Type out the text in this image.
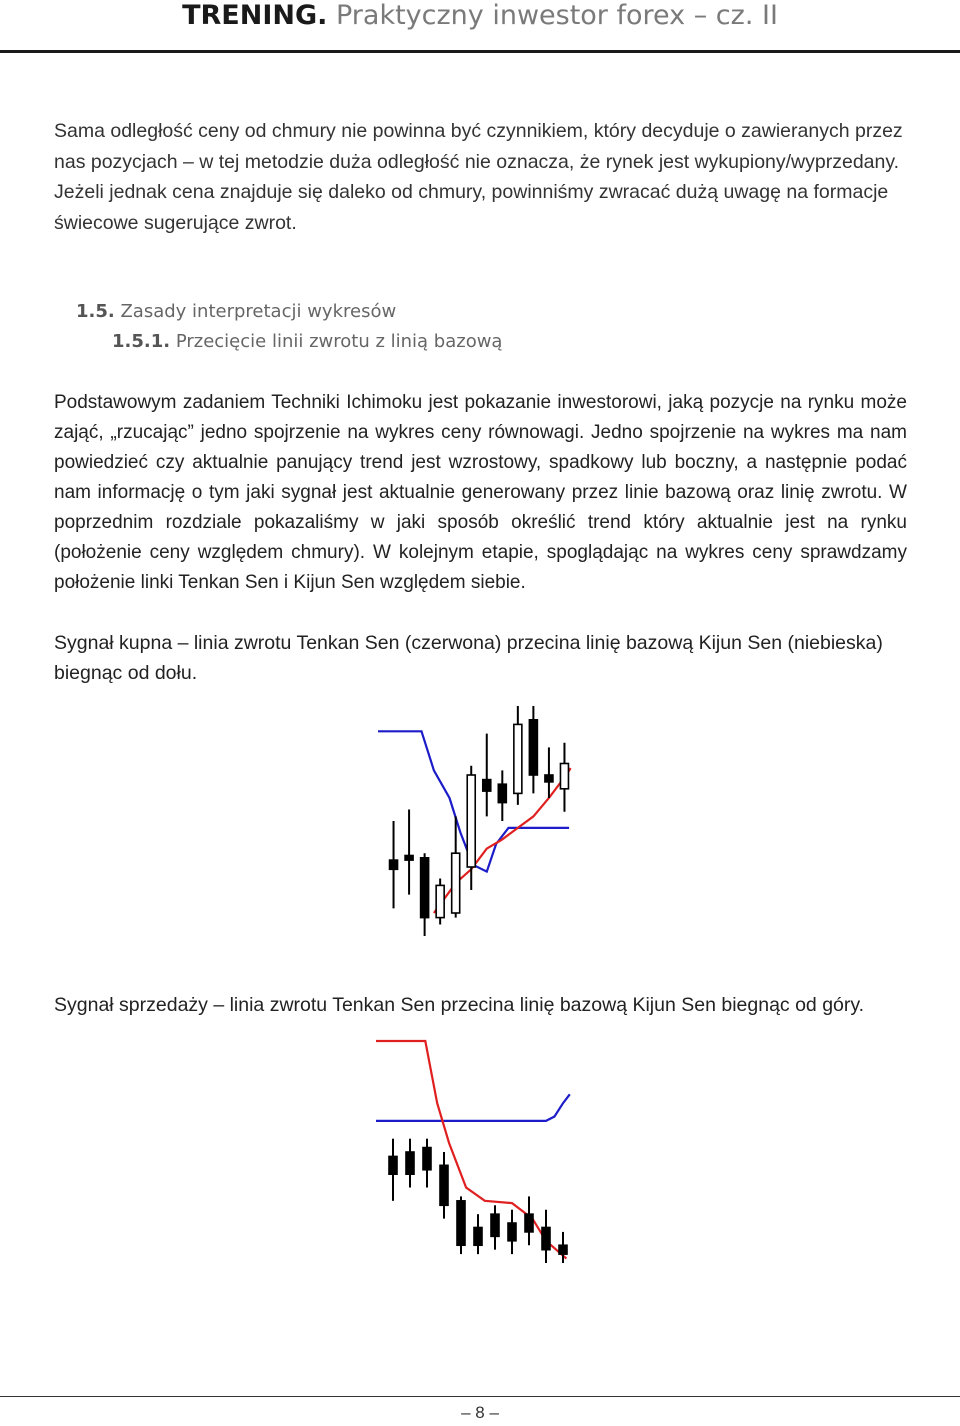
TRENING. Praktyczny inwestor forex – cz. II

Sama odległość ceny od chmury nie powinna być czynnikiem, który decyduje o zawieranych przez nas pozycjach – w tej metodzie duża odległość nie oznacza, że rynek jest wykupiony/wyprzedany. Jeżeli jednak cena znajduje się daleko od chmury, powinniśmy zwracać dużą uwagę na formacje świecowe sugerujące zwrot.

1.5. Zasady interpretacji wykresów
1.5.1. Przecięcie linii zwrotu z linią bazową

Podstawowym zadaniem Techniki Ichimoku jest pokazanie inwestorowi, jaką pozycje na rynku może zająć, „rzucając” jedno spojrzenie na wykres ceny równowagi. Jedno spojrzenie na wykres ma nam powiedzieć czy aktualnie panujący trend jest wzrostowy, spadkowy lub boczny, a następnie podać nam informację o tym jaki sygnał jest aktualnie generowany przez linie bazową oraz linię zwrotu. W poprzednim rozdziale pokazaliśmy w jaki sposób określić trend który aktualnie jest na rynku (położenie ceny względem chmury). W kolejnym etapie, spoglądając na wykres ceny sprawdzamy położenie linki Tenkan Sen i Kijun Sen względem siebie.

Sygnał kupna – linia zwrotu Tenkan Sen (czerwona) przecina linię bazową Kijun Sen (niebieska) biegnąc od dołu.

Sygnał sprzedaży – linia zwrotu Tenkan Sen przecina linię bazową Kijun Sen biegnąc od góry.

– 8 –
